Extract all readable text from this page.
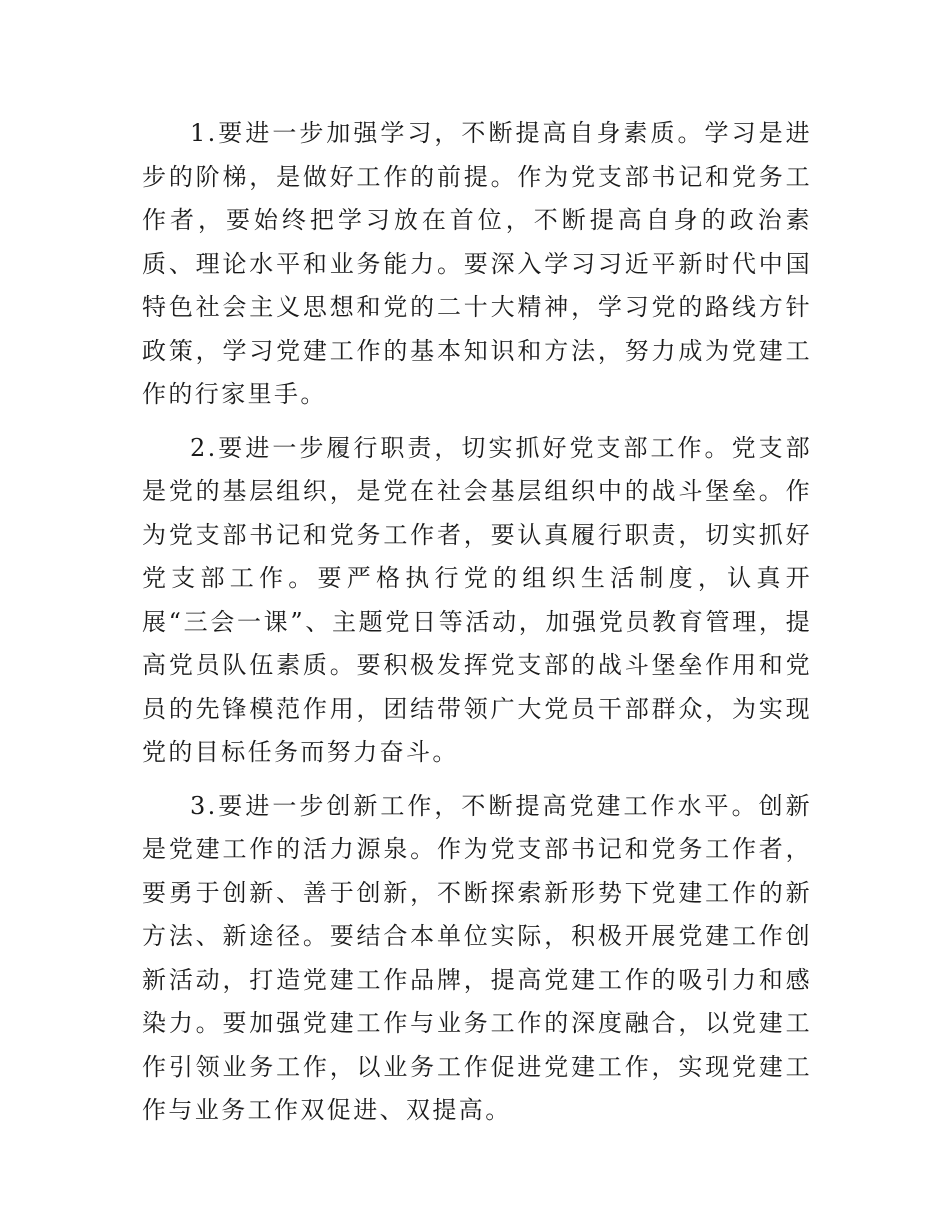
1.要进一步加强学习，不断提高自身素质。学习是进步的阶梯，是做好工作的前提。作为党支部书记和党务工作者，要始终把学习放在首位，不断提高自身的政治素质、理论水平和业务能力。要深入学习习近平新时代中国特色社会主义思想和党的二十大精神，学习党的路线方针政策，学习党建工作的基本知识和方法，努力成为党建工作的行家里手。

2.要进一步履行职责，切实抓好党支部工作。党支部是党的基层组织，是党在社会基层组织中的战斗堡垒。作为党支部书记和党务工作者，要认真履行职责，切实抓好党支部工作。要严格执行党的组织生活制度，认真开展“三会一课”、主题党日等活动，加强党员教育管理，提高党员队伍素质。要积极发挥党支部的战斗堡垒作用和党员的先锋模范作用，团结带领广大党员干部群众，为实现党的目标任务而努力奋斗。

3.要进一步创新工作，不断提高党建工作水平。创新是党建工作的活力源泉。作为党支部书记和党务工作者，要勇于创新、善于创新，不断探索新形势下党建工作的新方法、新途径。要结合本单位实际，积极开展党建工作创新活动，打造党建工作品牌，提高党建工作的吸引力和感染力。要加强党建工作与业务工作的深度融合，以党建工作引领业务工作，以业务工作促进党建工作，实现党建工作与业务工作双促进、双提高。
